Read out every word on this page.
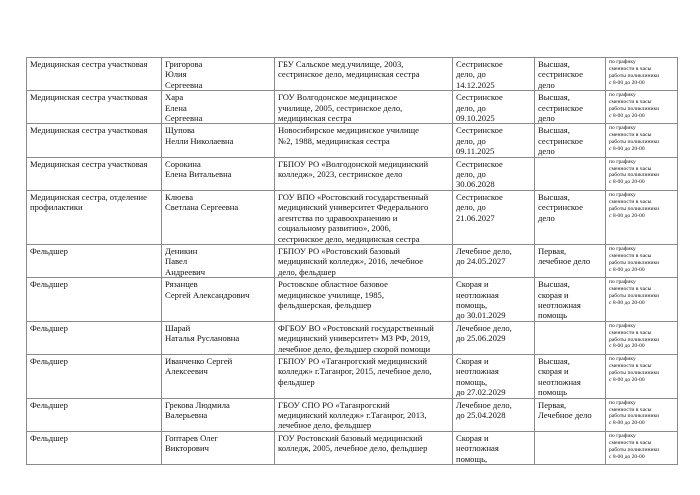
Медицинская сестра участковая	Григорова
Юлия
Сергеевна	ГБУ Сальское мед.училище, 2003,
сестринское дело, медицинская сестра	Сестринское
дело, до
14.12.2025	Высшая,
сестринское
дело	по графику
сменности в часы
работы поликлиники
с 8-00 до 20-00
Медицинская сестра участковая	Хара
Елена
Сергеевна	ГОУ Волгодонское медицинское
училище, 2005, сестринское дело,
медицинская сестра	Сестринское
дело, до
09.10.2025	Высшая,
сестринское
дело	по графику
сменности в часы
работы поликлиники
с 8-00 до 20-00
Медицинская сестра участковая	Щупова
Нелли Николаевна	Новосибирское медицинское училище
№2, 1988, медицинская сестра	Сестринское
дело, до
09.11.2025	Высшая,
сестринское
дело	по графику
сменности в часы
работы поликлиники
с 8-00 до 20-00
Медицинская сестра участковая	Сорокина
Елена Витальевна	ГБПОУ РО «Волгодонской медицинский
колледж», 2023, сестринское дело	Сестринское
дело, до
30.06.2028		по графику
сменности в часы
работы поликлиники
с 8-00 до 20-00
Медицинская сестра, отделение
профилактики	Клюева
Светлана Сергеевна	ГОУ ВПО «Ростовский государственный
медицинский университет Федерального
агентства по здравоохранению и
социальному развитию», 2006,
сестринское дело, медицинская сестра	Сестринское
дело, до
21.06.2027	Высшая,
сестринское
дело	по графику
сменности в часы
работы поликлиники
с 8-00 до 20-00
Фельдшер	Деникин
Павел
Андреевич	ГБПОУ РО «Ростовский базовый
медицинский колледж», 2016, лечебное
дело, фельдшер	Лечебное дело,
до 24.05.2027	Первая,
лечебное дело	по графику
сменности в часы
работы поликлиники
с 8-00 до 20-00
Фельдшер	Рязанцев
Сергей Александрович	Ростовское областное базовое
медицинское училище, 1985,
фельдшерская, фельдшер	Скорая и
неотложная
помощь,
до 30.01.2029	Высшая,
скорая и
неотложная
помощь	по графику
сменности в часы
работы поликлиники
с 8-00 до 20-00
Фельдшер	Шарай
Наталья Руслановна	ФГБОУ ВО «Ростовский государственный
медицинский университет» МЗ РФ, 2019,
лечебное дело, фельдшер скорой помощи	Лечебное дело,
до 25.06.2029		по графику
сменности в часы
работы поликлиники
с 8-00 до 20-00
Фельдшер	Иванченко Сергей
Алексеевич	ГБПОУ РО «Таганрогский медицинский
колледж» г.Таганрог, 2015, лечебное дело,
фельдшер	Скорая и
неотложная
помощь,
до 27.02.2029	Высшая,
скорая и
неотложная
помощь	по графику
сменности в часы
работы поликлиники
с 8-00 до 20-00
Фельдшер	Грекова Людмила
Валерьевна	ГБОУ СПО РО «Таганрогский
медицинский колледж» г.Таганрог, 2013,
лечебное дело, фельдшер	Лечебное дело,
до 25.04.2028	Первая,
Лечебное дело	по графику
сменности в часы
работы поликлиники
с 8-00 до 20-00
Фельдшер	Гоптарев Олег
Викторович	ГОУ Ростовский базовый медицинский
колледж, 2005, лечебное дело, фельдшер	Скорая и
неотложная
помощь,		по графику
сменности в часы
работы поликлиники
с 8-00 до 20-00
